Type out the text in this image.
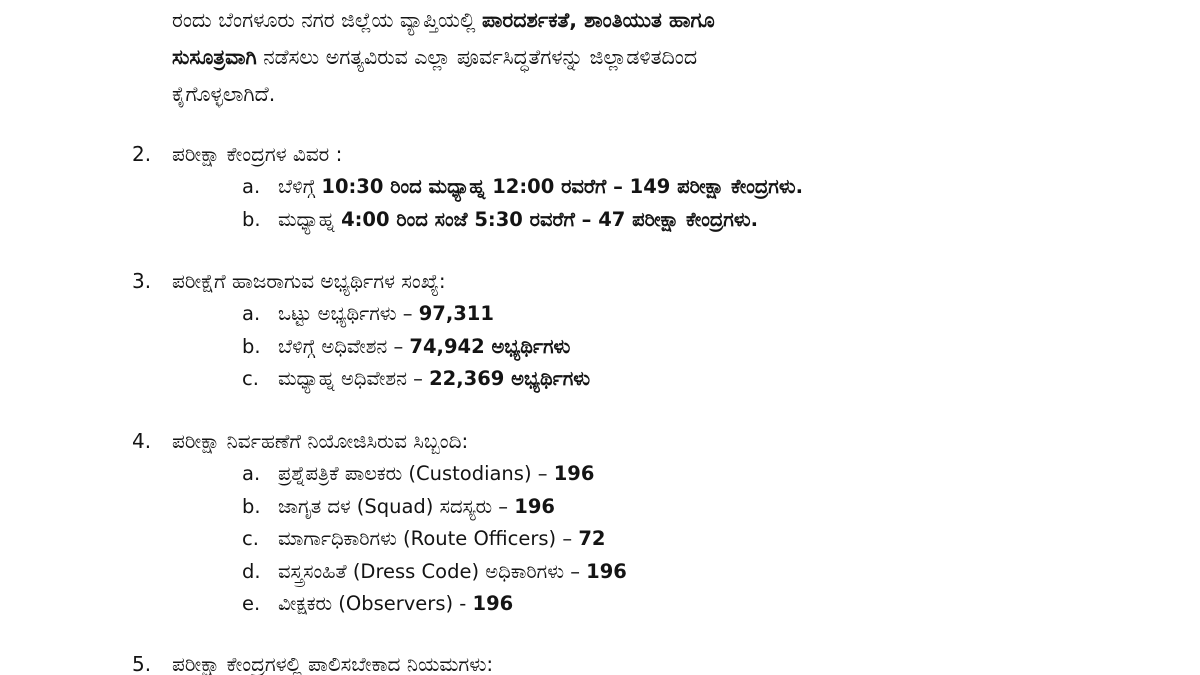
ರಂದು ಬೆಂಗಳೂರು ನಗರ ಜಿಲ್ಲೆಯ ವ್ಯಾಪ್ತಿಯಲ್ಲಿ ಪಾರದರ್ಶಕತೆ, ಶಾಂತಿಯುತ ಹಾಗೂ
ಸುಸೂತ್ರವಾಗಿ ನಡೆಸಲು ಅಗತ್ಯವಿರುವ ಎಲ್ಲಾ ಪೂರ್ವಸಿದ್ಧತೆಗಳನ್ನು ಜಿಲ್ಲಾಡಳಿತದಿಂದ
ಕೈಗೊಳ್ಳಲಾಗಿದೆ.
2. ಪರೀಕ್ಷಾ ಕೇಂದ್ರಗಳ ವಿವರ :
a. ಬೆಳಿಗ್ಗೆ 10:30 ರಿಂದ ಮಧ್ಯಾಹ್ನ 12:00 ರವರೆಗೆ – 149 ಪರೀಕ್ಷಾ ಕೇಂದ್ರಗಳು.
b. ಮಧ್ಯಾಹ್ನ 4:00 ರಿಂದ ಸಂಜೆ 5:30 ರವರೆಗೆ – 47 ಪರೀಕ್ಷಾ ಕೇಂದ್ರಗಳು.
3. ಪರೀಕ್ಷೆಗೆ ಹಾಜರಾಗುವ ಅಭ್ಯರ್ಥಿಗಳ ಸಂಖ್ಯೆ:
a. ಒಟ್ಟು ಅಭ್ಯರ್ಥಿಗಳು – 97,311
b. ಬೆಳಿಗ್ಗೆ ಅಧಿವೇಶನ – 74,942 ಅಭ್ಯರ್ಥಿಗಳು
c. ಮಧ್ಯಾಹ್ನ ಅಧಿವೇಶನ – 22,369 ಅಭ್ಯರ್ಥಿಗಳು
4. ಪರೀಕ್ಷಾ ನಿರ್ವಹಣೆಗೆ ನಿಯೋಜಿಸಿರುವ ಸಿಬ್ಬಂದಿ:
a. ಪ್ರಶ್ನೆಪತ್ರಿಕೆ ಪಾಲಕರು (Custodians) – 196
b. ಜಾಗೃತ ದಳ (Squad) ಸದಸ್ಯರು – 196
c. ಮಾರ್ಗಾಧಿಕಾರಿಗಳು (Route Officers) – 72
d. ವಸ್ತ್ರಸಂಹಿತೆ (Dress Code) ಅಧಿಕಾರಿಗಳು – 196
e. ವೀಕ್ಷಕರು (Observers) - 196
5. ಪರೀಕ್ಷಾ ಕೇಂದ್ರಗಳಲ್ಲಿ ಪಾಲಿಸಬೇಕಾದ ನಿಯಮಗಳು:
